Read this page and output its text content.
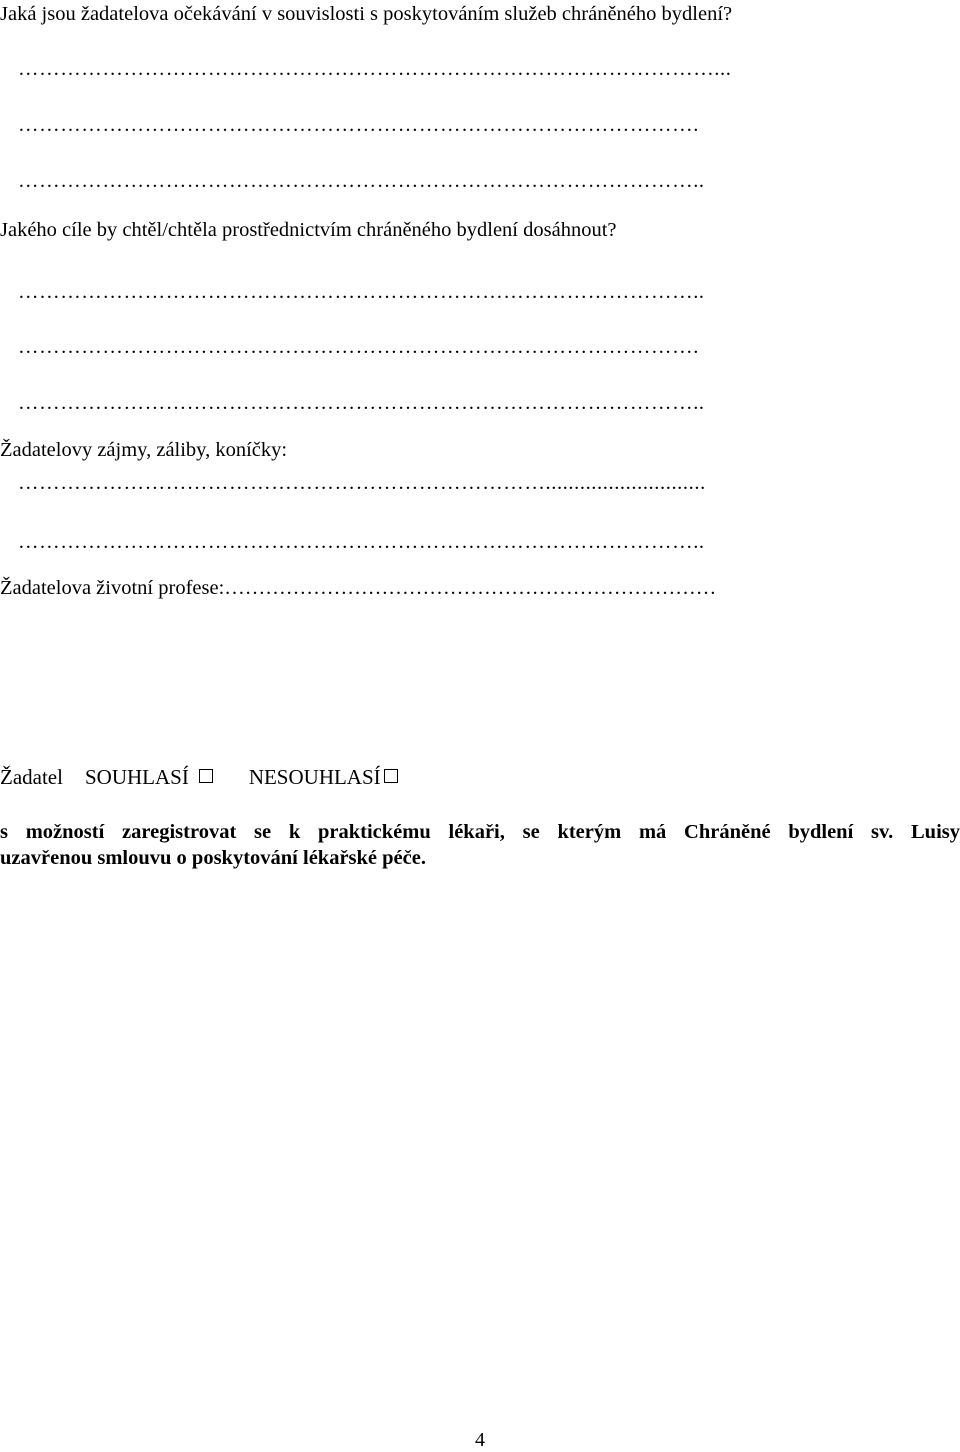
Jaká jsou žadatelova očekávání v souvislosti s poskytováním služeb chráněného bydlení?
………………………………………………………………………………………...
…………………………………………………………………………………….
……………………………………………………………………………………..
Jakého cíle by chtěl/chtěla prostřednictvím chráněného bydlení dosáhnout?
……………………………………………………………………………………..
…………………………………………………………………………………….
……………………………………………………………………………………..
Žadatelovy zájmy, záliby, koníčky:
…………………………………………………………………............................
……………………………………………………………………………………..
Žadatelova životní profese:………………………………………………………………
Žadatel SOUHLASÍ	NESOUHLASÍ
s možností zaregistrovat se k praktickému lékaři, se kterým má Chráněné bydlení sv. Luisy
uzavřenou smlouvu o poskytování lékařské péče.
4
